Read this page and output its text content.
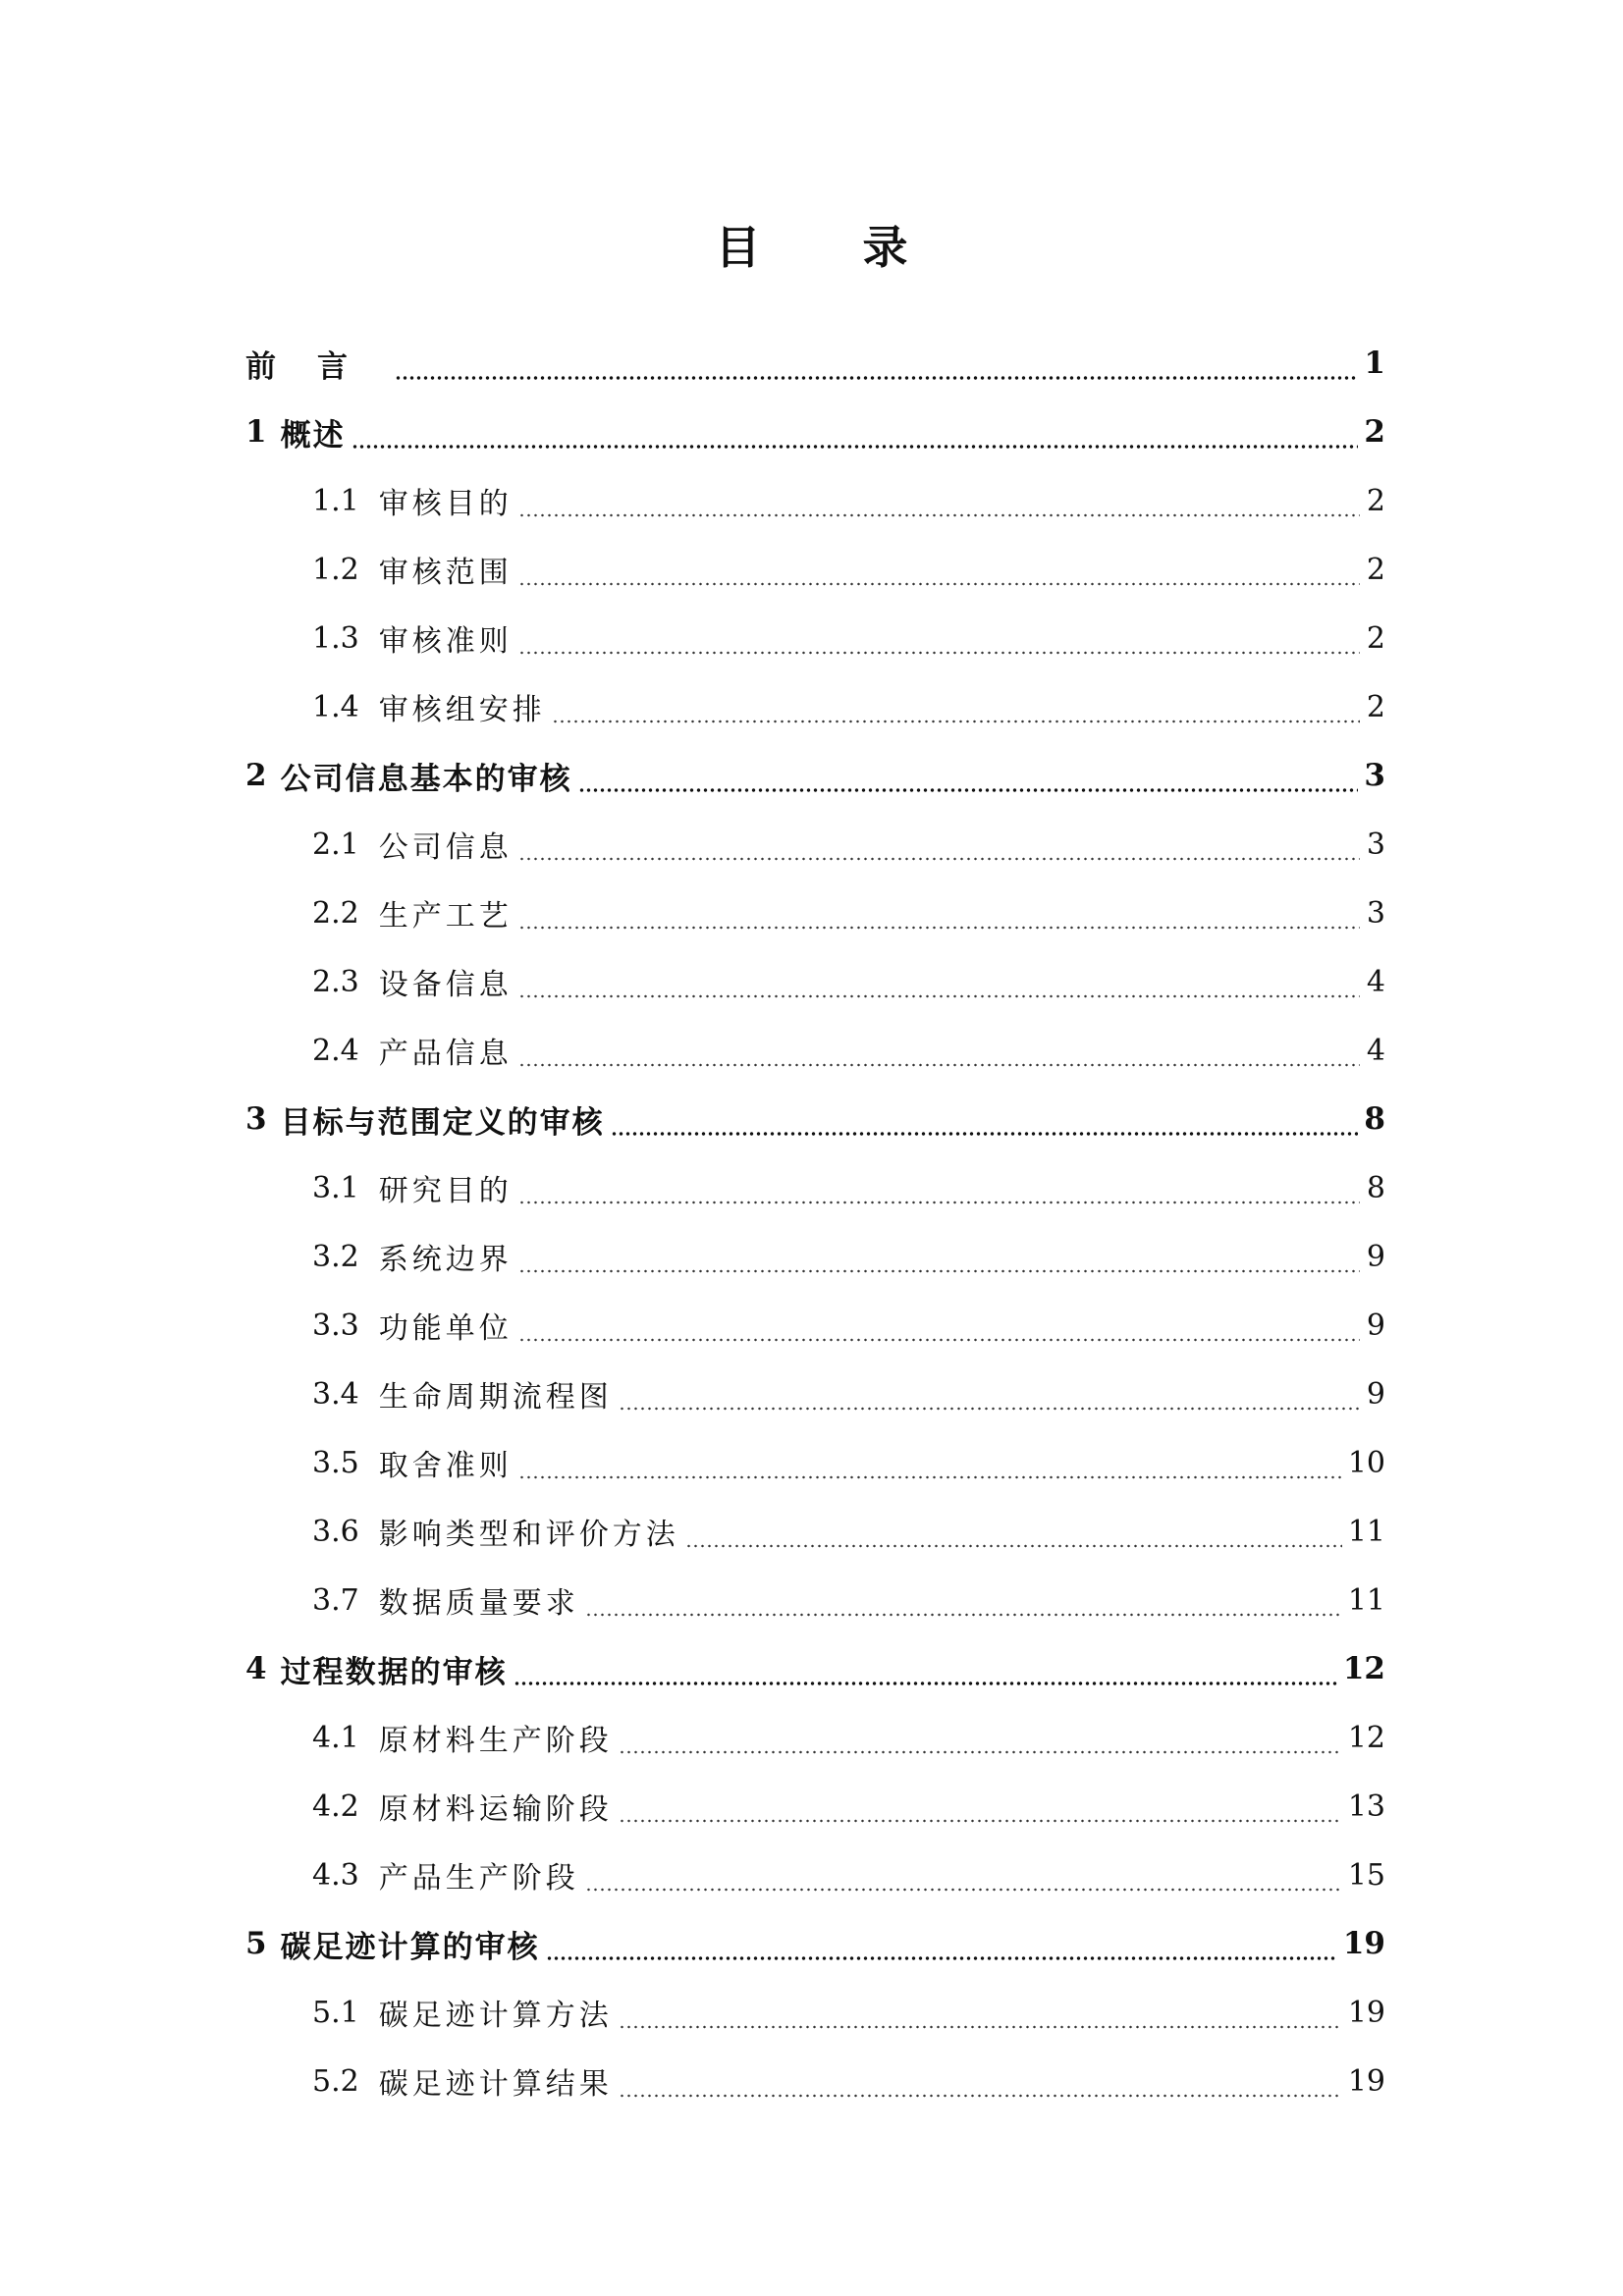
目 录
前言	1
1 概述	2
1.1 审核目的	2
1.2 审核范围	2
1.3 审核准则	2
1.4 审核组安排	2
2 公司信息基本的审核	3
2.1 公司信息	3
2.2 生产工艺	3
2.3 设备信息	4
2.4 产品信息	4
3 目标与范围定义的审核	8
3.1 研究目的	8
3.2 系统边界	9
3.3 功能单位	9
3.4 生命周期流程图	9
3.5 取舍准则	10
3.6 影响类型和评价方法	11
3.7 数据质量要求	11
4 过程数据的审核	12
4.1 原材料生产阶段	12
4.2 原材料运输阶段	13
4.3 产品生产阶段	15
5 碳足迹计算的审核	19
5.1 碳足迹计算方法	19
5.2 碳足迹计算结果	19
